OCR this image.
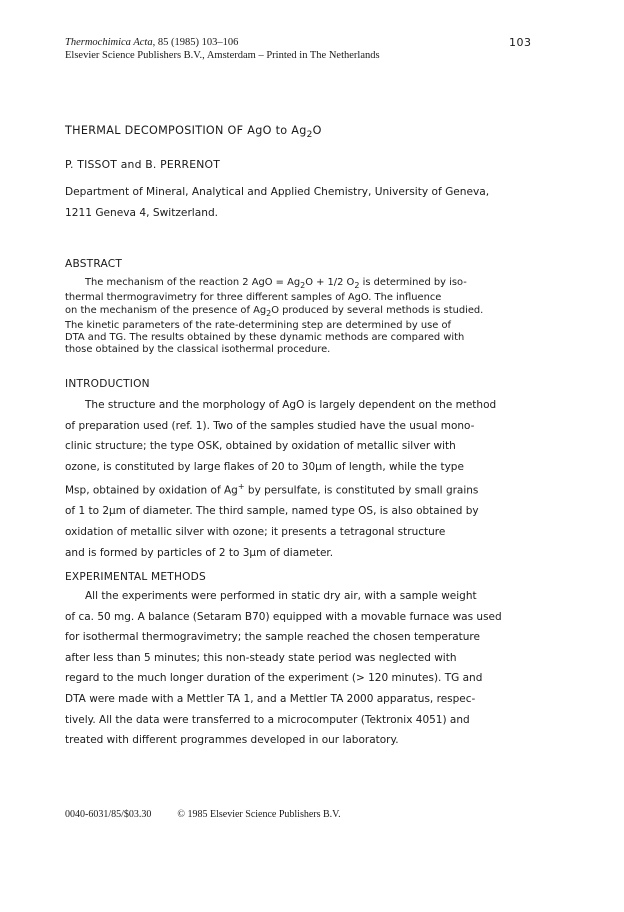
Thermochimica Acta, 85 (1985) 103–106
Elsevier Science Publishers B.V., Amsterdam – Printed in The Netherlands
103
THERMAL DECOMPOSITION OF AgO to $Ag_2O$
P. TISSOT and B. PERRENOT
Department of Mineral, Analytical and Applied Chemistry, University of Geneva,
1211 Geneva 4, Switzerland.
ABSTRACT
The mechanism of the reaction 2 AgO = $Ag_2O + 1/2$ $O_2$ is determined by iso-
thermal thermogravimetry for three different samples of AgO. The influence
on the mechanism of the presence of $Ag_2O$ produced by several methods is studied.
The kinetic parameters of the rate-determining step are determined by use of
DTA and TG. The results obtained by these dynamic methods are compared with
those obtained by the classical isothermal procedure.
INTRODUCTION
The structure and the morphology of AgO is largely dependent on the method
of preparation used (ref. 1). Two of the samples studied have the usual mono-
clinic structure; the type OSK, obtained by oxidation of metallic silver with
ozone, is constituted by large flakes of 20 to 30μm of length, while the type
Msp, obtained by oxidation of Ag+ by persulfate, is constituted by small grains
of 1 to 2μm of diameter. The third sample, named type OS, is also obtained by
oxidation of metallic silver with ozone; it presents a tetragonal structure
and is formed by particles of 2 to 3μm of diameter.
EXPERIMENTAL METHODS
All the experiments were performed in static dry air, with a sample weight
of ca. 50 mg. A balance (Setaram B70) equipped with a movable furnace was used
for isothermal thermogravimetry; the sample reached the chosen temperature
after less than 5 minutes; this non-steady state period was neglected with
regard to the much longer duration of the experiment (> 120 minutes). TG and
DTA were made with a Mettler TA 1, and a Mettler TA 2000 apparatus, respec-
tively. All the data were transferred to a microcomputer (Tektronix 4051) and
treated with different programmes developed in our laboratory.
0040-6031/85/$03.30	© 1985 Elsevier Science Publishers B.V.
